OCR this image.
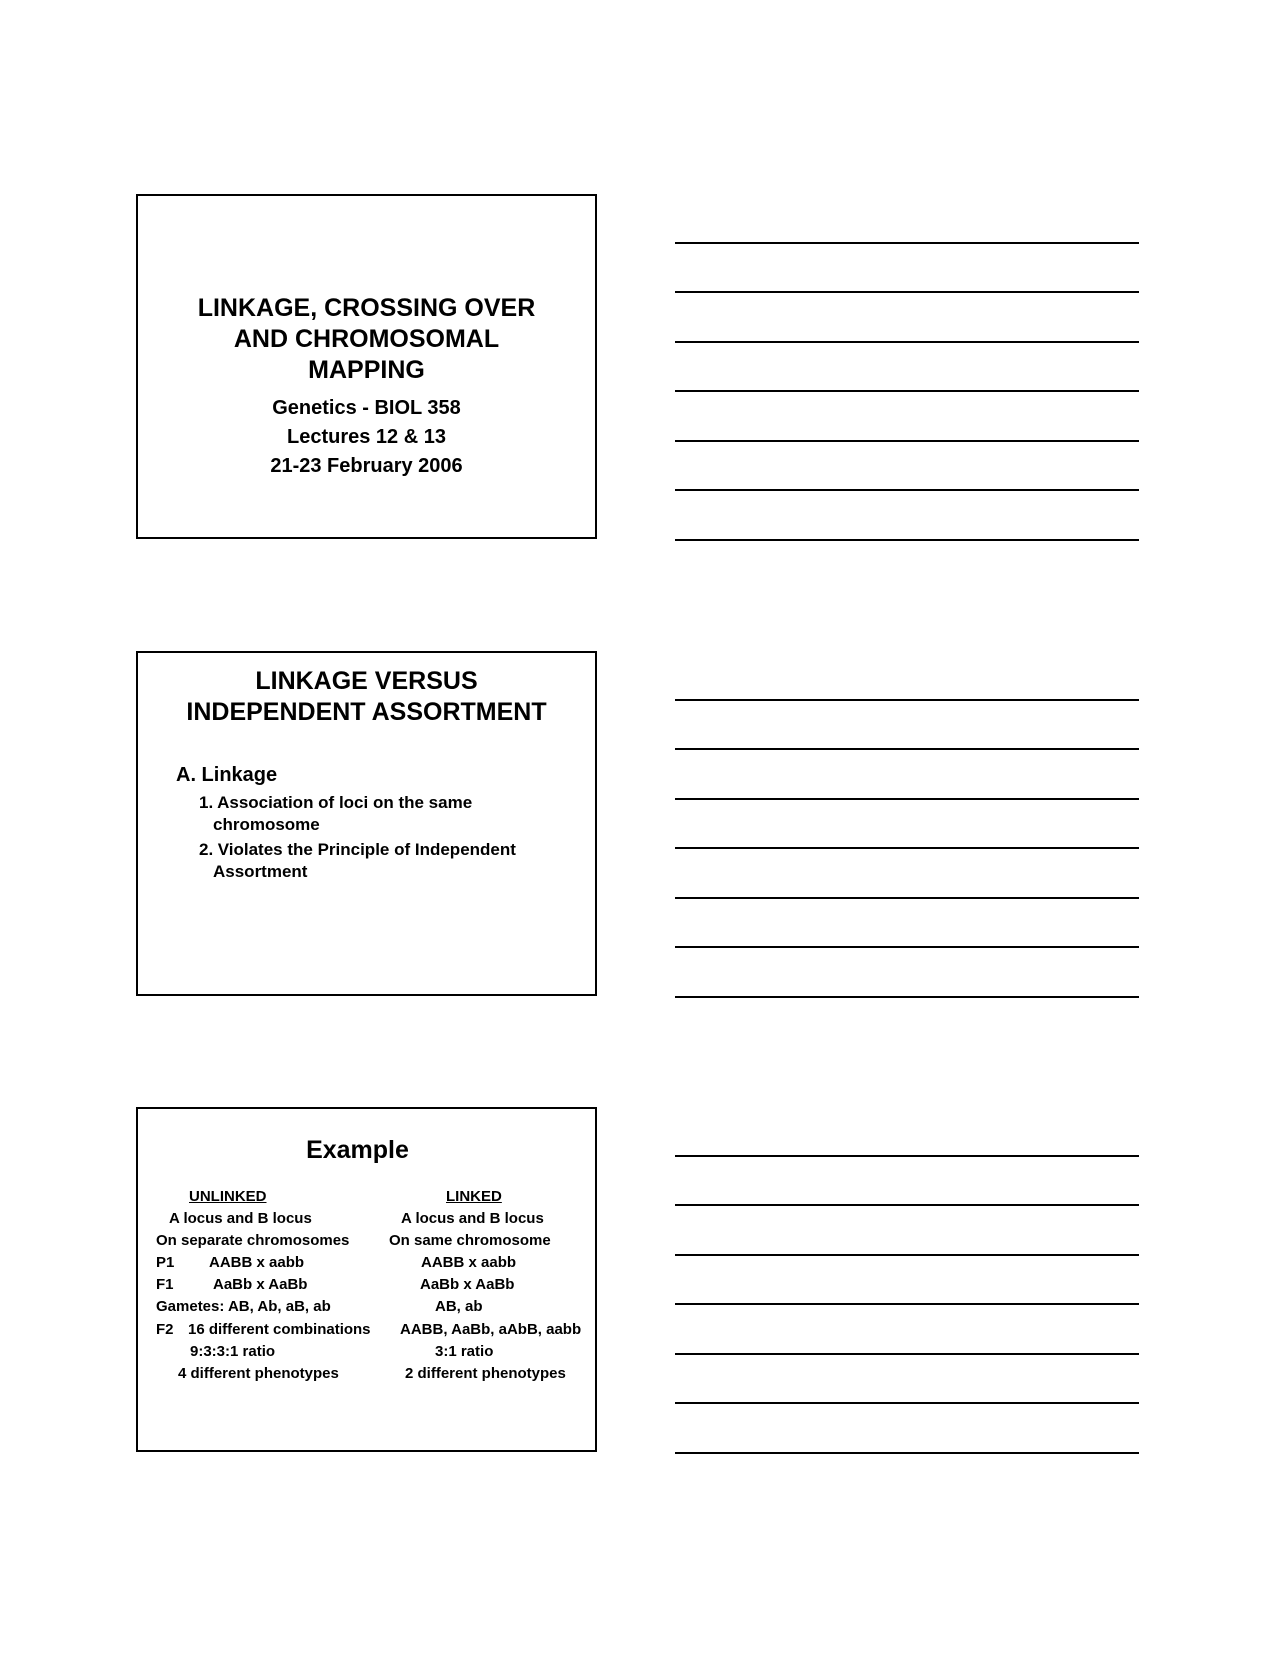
LINKAGE, CROSSING OVER
AND CHROMOSOMAL
MAPPING
Genetics - BIOL 358
Lectures 12 & 13
21-23 February 2006
LINKAGE VERSUS
INDEPENDENT ASSORTMENT
A. Linkage
1. Association of loci on the same
chromosome
2. Violates the Principle of Independent
Assortment
Example
UNLINKED
A locus and B locus
On separate chromosomes
P1 AABB x aabb
F1	AaBb x AaBb
Gametes: AB, Ab, aB, ab
F2 16 different combinations
9:3:3:1 ratio
4 different phenotypes
LINKED
A locus and B locus
On same chromosome
AABB x aabb
AaBb x AaBb
AB, ab
AABB, AaBb, aAbB, aabb
3:1 ratio
2 different phenotypes
